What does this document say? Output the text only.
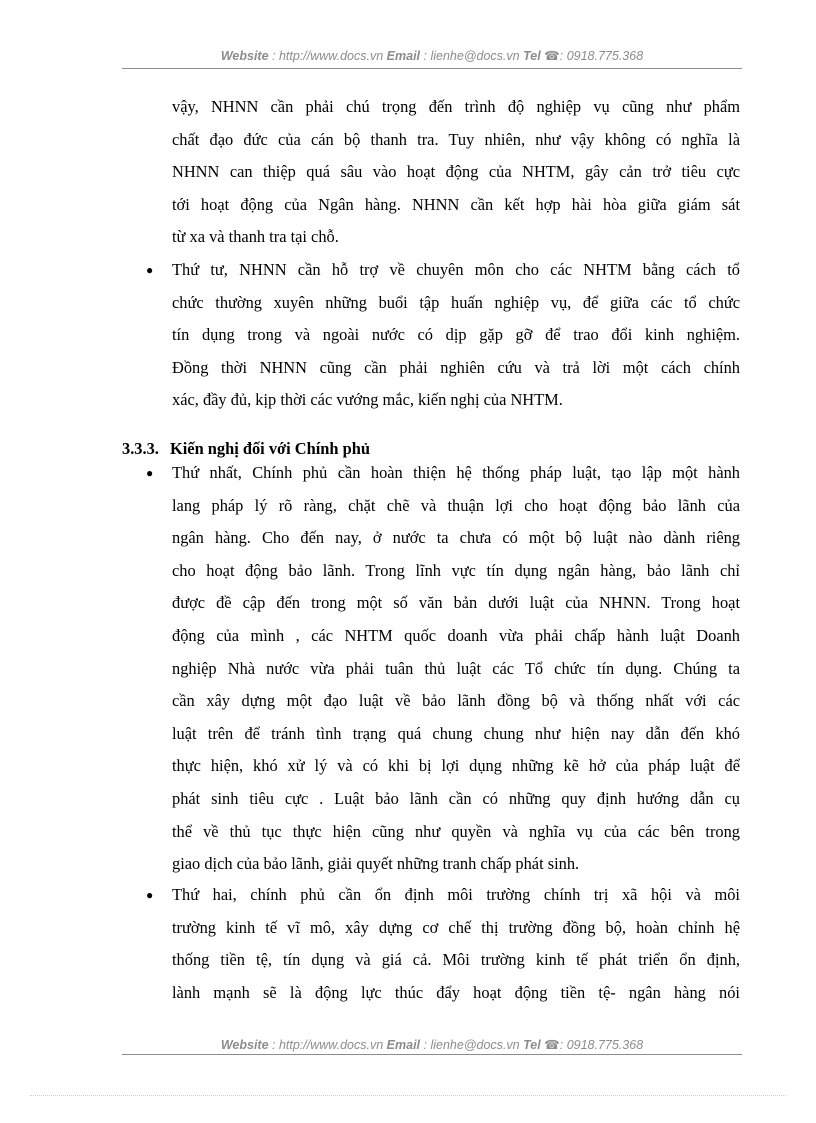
Website : http://www.docs.vn Email : lienhe@docs.vn Tel ☎: 0918.775.368
vậy, NHNN cần phải chú trọng đến trình độ nghiệp vụ cũng như phẩm
chất đạo đức của cán bộ thanh tra. Tuy nhiên, như vậy không có nghĩa là
NHNN can thiệp quá sâu vào hoạt động của NHTM, gây cản trở tiêu cực
tới hoạt động của Ngân hàng. NHNN cần kết hợp hài hòa giữa giám sát
từ xa và thanh tra tại chỗ.
● Thứ tư, NHNN cần hỗ trợ về chuyên môn cho các NHTM bằng cách tổ
chức thường xuyên những buổi tập huấn nghiệp vụ, để giữa các tổ chức
tín dụng trong và ngoài nước có dịp gặp gỡ để trao đổi kinh nghiệm.
Đồng thời NHNN cũng cần phải nghiên cứu và trả lời một cách chính
xác, đầy đủ, kịp thời các vướng mắc, kiến nghị của NHTM.
3.3.3. Kiến nghị đối với Chính phủ
● Thứ nhất, Chính phủ cần hoàn thiện hệ thống pháp luật, tạo lập một hành
lang pháp lý rõ ràng, chặt chẽ và thuận lợi cho hoạt động bảo lãnh của
ngân hàng. Cho đến nay, ở nước ta chưa có một bộ luật nào dành riêng
cho hoạt động bảo lãnh. Trong lĩnh vực tín dụng ngân hàng, bảo lãnh chỉ
được đề cập đến trong một số văn bản dưới luật của NHNN. Trong hoạt
động của mình , các NHTM quốc doanh vừa phải chấp hành luật Doanh
nghiệp Nhà nước vừa phải tuân thủ luật các Tổ chức tín dụng. Chúng ta
cần xây dựng một đạo luật về bảo lãnh đồng bộ và thống nhất với các
luật trên để tránh tình trạng quá chung chung như hiện nay dẫn đến khó
thực hiện, khó xử lý và có khi bị lợi dụng những kẽ hở của pháp luật để
phát sinh tiêu cực . Luật bảo lãnh cần có những quy định hướng dẫn cụ
thể về thủ tục thực hiện cũng như quyền và nghĩa vụ của các bên trong
giao dịch của bảo lãnh, giải quyết những tranh chấp phát sinh.
● Thứ hai, chính phủ cần ổn định môi trường chính trị xã hội và môi
trường kinh tế vĩ mô, xây dựng cơ chế thị trường đồng bộ, hoàn chỉnh hệ
thống tiền tệ, tín dụng và giá cả. Môi trường kinh tế phát triển ổn định,
lành mạnh sẽ là động lực thúc đẩy hoạt động tiền tệ- ngân hàng nói
Website : http://www.docs.vn Email : lienhe@docs.vn Tel ☎: 0918.775.368
